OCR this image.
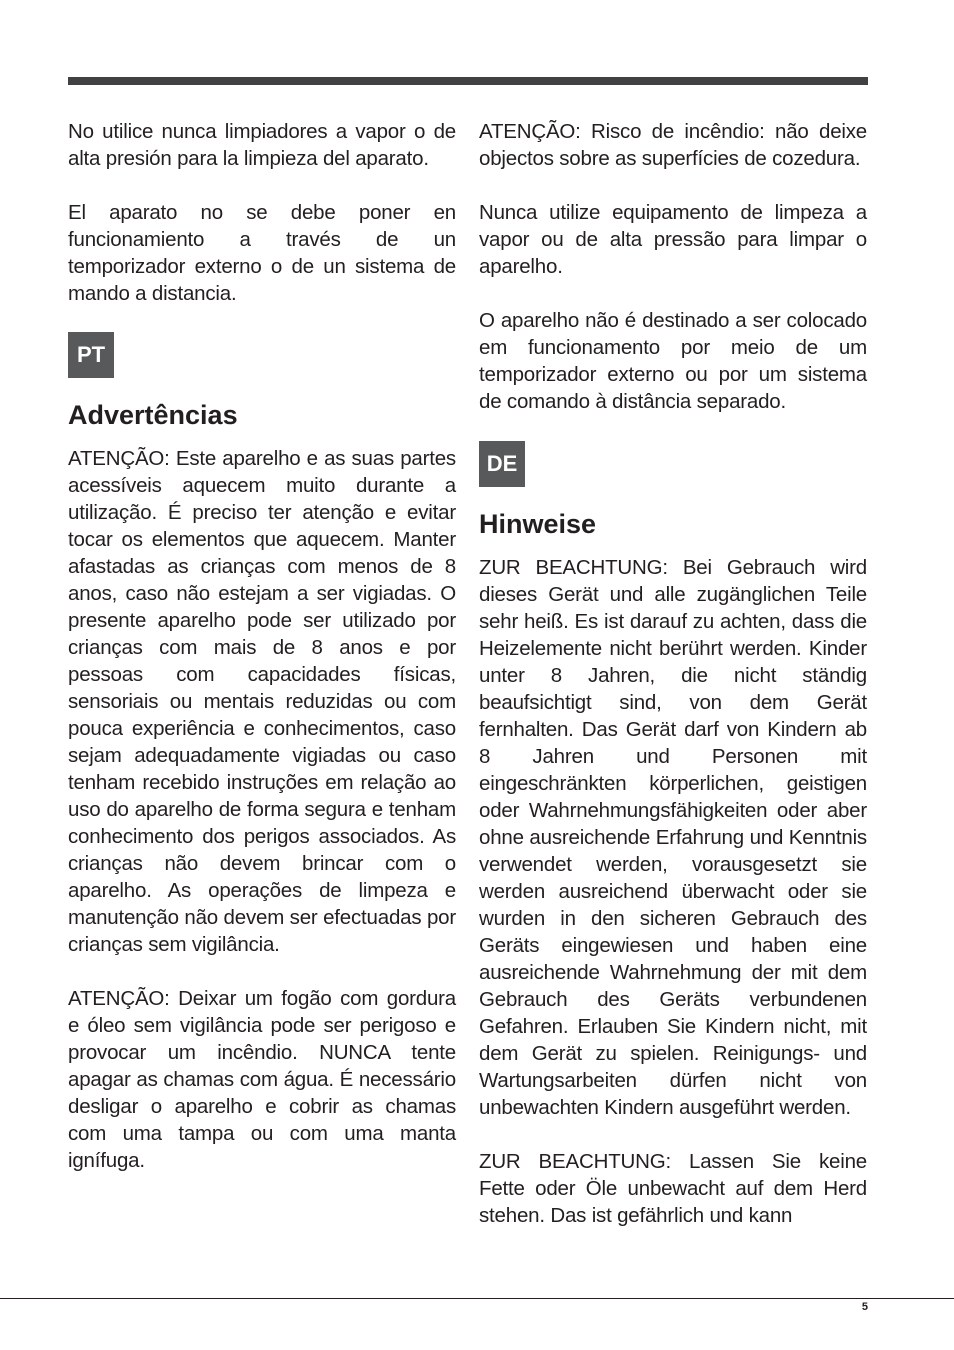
No utilice nunca limpiadores a vapor o de alta presión para la limpieza del aparato.

El aparato no se debe poner en funcionamiento a través de un temporizador externo o de un sistema de mando a distancia.

PT
Advertências

ATENÇÃO: Este aparelho e as suas partes acessíveis aquecem muito durante a utilização. É preciso ter atenção e evitar tocar os elementos que aquecem. Manter afastadas as crianças com menos de 8 anos, caso não estejam a ser vigiadas. O presente aparelho pode ser utilizado por crianças com mais de 8 anos e por pessoas com capacidades físicas, sensoriais ou mentais reduzidas ou com pouca experiência e conhecimentos, caso sejam adequadamente vigiadas ou caso tenham recebido instruções em relação ao uso do aparelho de forma segura e tenham conhecimento dos perigos associados. As crianças não devem brincar com o aparelho. As operações de limpeza e manutenção não devem ser efectuadas por crianças sem vigilância.

ATENÇÃO: Deixar um fogão com gordura e óleo sem vigilância pode ser perigoso e provocar um incêndio. NUNCA tente apagar as chamas com água. É necessário desligar o aparelho e cobrir as chamas com uma tampa ou com uma manta ignífuga.

ATENÇÃO: Risco de incêndio: não deixe objectos sobre as superfícies de cozedura.

Nunca utilize equipamento de limpeza a vapor ou de alta pressão para limpar o aparelho.

O aparelho não é destinado a ser colocado em funcionamento por meio de um temporizador externo ou por um sistema de comando à distância separado.

DE
Hinweise

ZUR BEACHTUNG: Bei Gebrauch wird dieses Gerät und alle zugänglichen Teile sehr heiß. Es ist darauf zu achten, dass die Heizelemente nicht berührt werden. Kinder unter 8 Jahren, die nicht ständig beaufsichtigt sind, von dem Gerät fernhalten. Das Gerät darf von Kindern ab 8 Jahren und Personen mit eingeschränkten körperlichen, geistigen oder Wahrnehmungsfähigkeiten oder aber ohne ausreichende Erfahrung und Kenntnis verwendet werden, vorausgesetzt sie werden ausreichend überwacht oder sie wurden in den sicheren Gebrauch des Geräts eingewiesen und haben eine ausreichende Wahrnehmung der mit dem Gebrauch des Geräts verbundenen Gefahren. Erlauben Sie Kindern nicht, mit dem Gerät zu spielen. Reinigungs- und Wartungsarbeiten dürfen nicht von unbewachten Kindern ausgeführt werden.

ZUR BEACHTUNG: Lassen Sie keine Fette oder Öle unbewacht auf dem Herd stehen. Das ist gefährlich und kann

5
